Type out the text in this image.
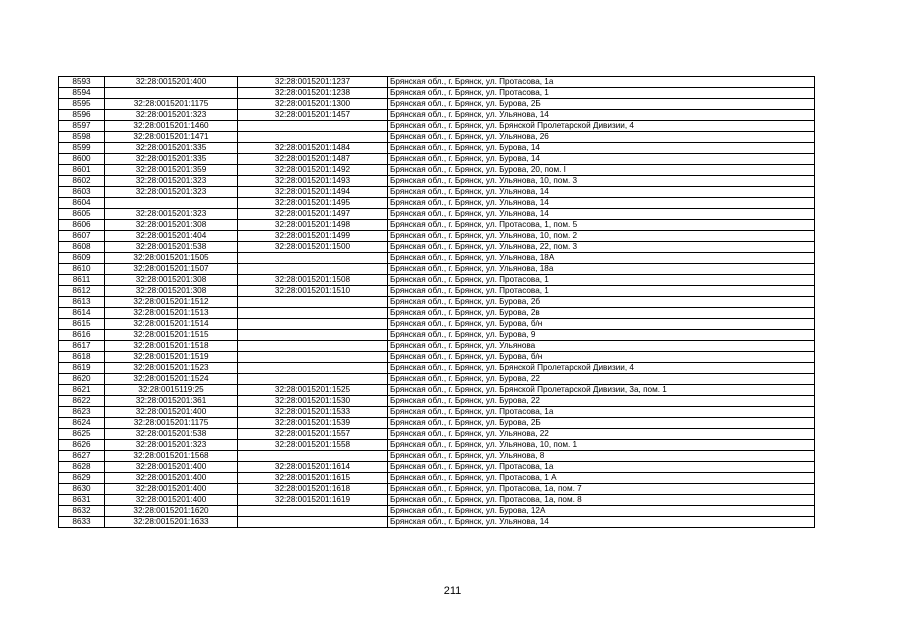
8593	32:28:0015201:400	32:28:0015201:1237	Брянская обл., г. Брянск, ул. Протасова, 1а
8594		32:28:0015201:1238	Брянская обл., г. Брянск, ул. Протасова, 1
8595	32:28:0015201:1175	32:28:0015201:1300	Брянская обл., г. Брянск, ул. Бурова, 2Б
8596	32:28:0015201:323	32:28:0015201:1457	Брянская обл., г. Брянск, ул. Ульянова, 14
8597	32:28:0015201:1460		Брянская обл., г. Брянск, ул. Брянской Пролетарской Дивизии, 4
8598	32:28:0015201:1471		Брянская обл., г. Брянск, ул. Ульянова, 26
8599	32:28:0015201:335	32:28:0015201:1484	Брянская обл., г. Брянск, ул. Бурова, 14
8600	32:28:0015201:335	32:28:0015201:1487	Брянская обл., г. Брянск, ул. Бурова, 14
8601	32:28:0015201:359	32:28:0015201:1492	Брянская обл., г. Брянск, ул. Бурова, 20, пом. I
8602	32:28:0015201:323	32:28:0015201:1493	Брянская обл., г. Брянск, ул. Ульянова, 10, пом. 3
8603	32:28:0015201:323	32:28:0015201:1494	Брянская обл., г. Брянск, ул. Ульянова, 14
8604		32:28:0015201:1495	Брянская обл., г. Брянск, ул. Ульянова, 14
8605	32:28:0015201:323	32:28:0015201:1497	Брянская обл., г. Брянск, ул. Ульянова, 14
8606	32:28:0015201:308	32:28:0015201:1498	Брянская обл., г. Брянск, ул. Протасова, 1, пом. 5
8607	32:28:0015201:404	32:28:0015201:1499	Брянская обл., г. Брянск, ул. Ульянова, 10, пом. 2
8608	32:28:0015201:538	32:28:0015201:1500	Брянская обл., г. Брянск, ул. Ульянова, 22, пом. 3
8609	32:28:0015201:1505		Брянская обл., г. Брянск, ул. Ульянова, 18А
8610	32:28:0015201:1507		Брянская обл., г. Брянск, ул. Ульянова, 18а
8611	32:28:0015201:308	32:28:0015201:1508	Брянская обл., г. Брянск, ул. Протасова, 1
8612	32:28:0015201:308	32:28:0015201:1510	Брянская обл., г. Брянск, ул. Протасова, 1
8613	32:28:0015201:1512		Брянская обл., г. Брянск, ул. Бурова, 2б
8614	32:28:0015201:1513		Брянская обл., г. Брянск, ул. Бурова, 2в
8615	32:28:0015201:1514		Брянская обл., г. Брянск, ул. Бурова, б/н
8616	32:28:0015201:1515		Брянская обл., г. Брянск, ул. Бурова, 9
8617	32:28:0015201:1518		Брянская обл., г. Брянск, ул. Ульянова
8618	32:28:0015201:1519		Брянская обл., г. Брянск, ул. Бурова, б/н
8619	32:28:0015201:1523		Брянская обл., г. Брянск, ул. Брянской Пролетарской Дивизии, 4
8620	32:28:0015201:1524		Брянская обл., г. Брянск, ул. Бурова, 22
8621	32:28:0015119:25	32:28:0015201:1525	Брянская обл., г. Брянск, ул. Брянской Пролетарской Дивизии, 3а, пом. 1
8622	32:28:0015201:361	32:28:0015201:1530	Брянская обл., г. Брянск, ул. Бурова, 22
8623	32:28:0015201:400	32:28:0015201:1533	Брянская обл., г. Брянск, ул. Протасова, 1а
8624	32:28:0015201:1175	32:28:0015201:1539	Брянская обл., г. Брянск, ул. Бурова, 2Б
8625	32:28:0015201:538	32:28:0015201:1557	Брянская обл., г. Брянск, ул. Ульянова, 22
8626	32:28:0015201:323	32:28:0015201:1558	Брянская обл., г. Брянск, ул. Ульянова, 10, пом. 1
8627	32:28:0015201:1568		Брянская обл., г. Брянск, ул. Ульянова, 8
8628	32:28:0015201:400	32:28:0015201:1614	Брянская обл., г. Брянск, ул. Протасова, 1а
8629	32:28:0015201:400	32:28:0015201:1615	Брянская обл., г. Брянск, ул. Протасова, 1 А
8630	32:28:0015201:400	32:28:0015201:1618	Брянская обл., г. Брянск, ул. Протасова, 1а, пом. 7
8631	32:28:0015201:400	32:28:0015201:1619	Брянская обл., г. Брянск, ул. Протасова, 1а, пом. 8
8632	32:28:0015201:1620		Брянская обл., г. Брянск, ул. Бурова, 12А
8633	32:28:0015201:1633		Брянская обл., г. Брянск, ул. Ульянова, 14
211
